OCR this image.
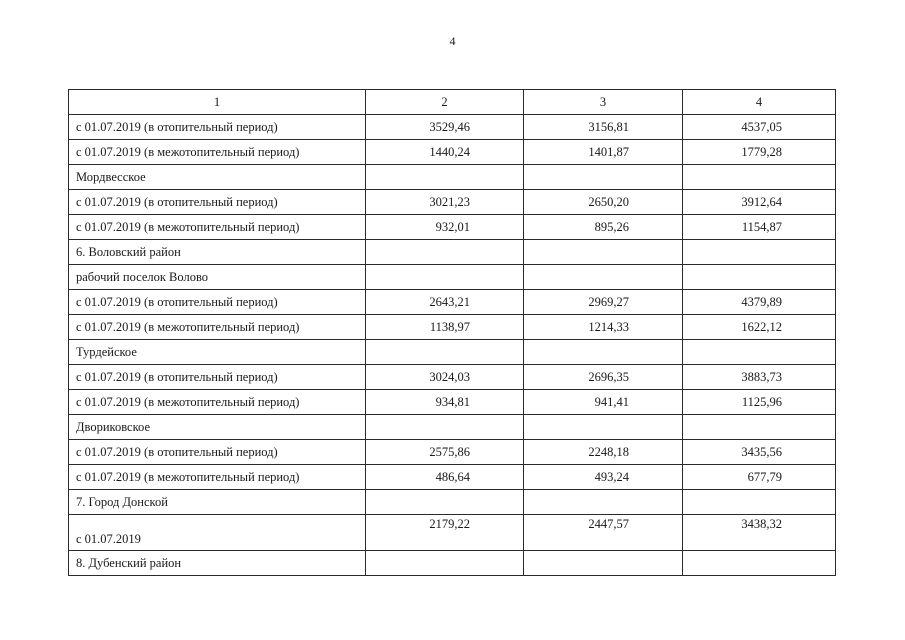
4
1	2	3	4
с 01.07.2019 (в отопительный период)	3529,46	3156,81	4537,05
с 01.07.2019 (в межотопительный период)	1440,24	1401,87	1779,28
Мордвесское			
с 01.07.2019 (в отопительный период)	3021,23	2650,20	3912,64
с 01.07.2019 (в межотопительный период)	932,01	895,26	1154,87
6. Воловский район			
рабочий поселок Волово			
с 01.07.2019 (в отопительный период)	2643,21	2969,27	4379,89
с 01.07.2019 (в межотопительный период)	1138,97	1214,33	1622,12
Турдейское			
с 01.07.2019 (в отопительный период)	3024,03	2696,35	3883,73
с 01.07.2019 (в межотопительный период)	934,81	941,41	1125,96
Двориковское			
с 01.07.2019 (в отопительный период)	2575,86	2248,18	3435,56
с 01.07.2019 (в межотопительный период)	486,64	493,24	677,79
7. Город Донской			
с 01.07.2019	2179,22	2447,57	3438,32
8. Дубенский район			
